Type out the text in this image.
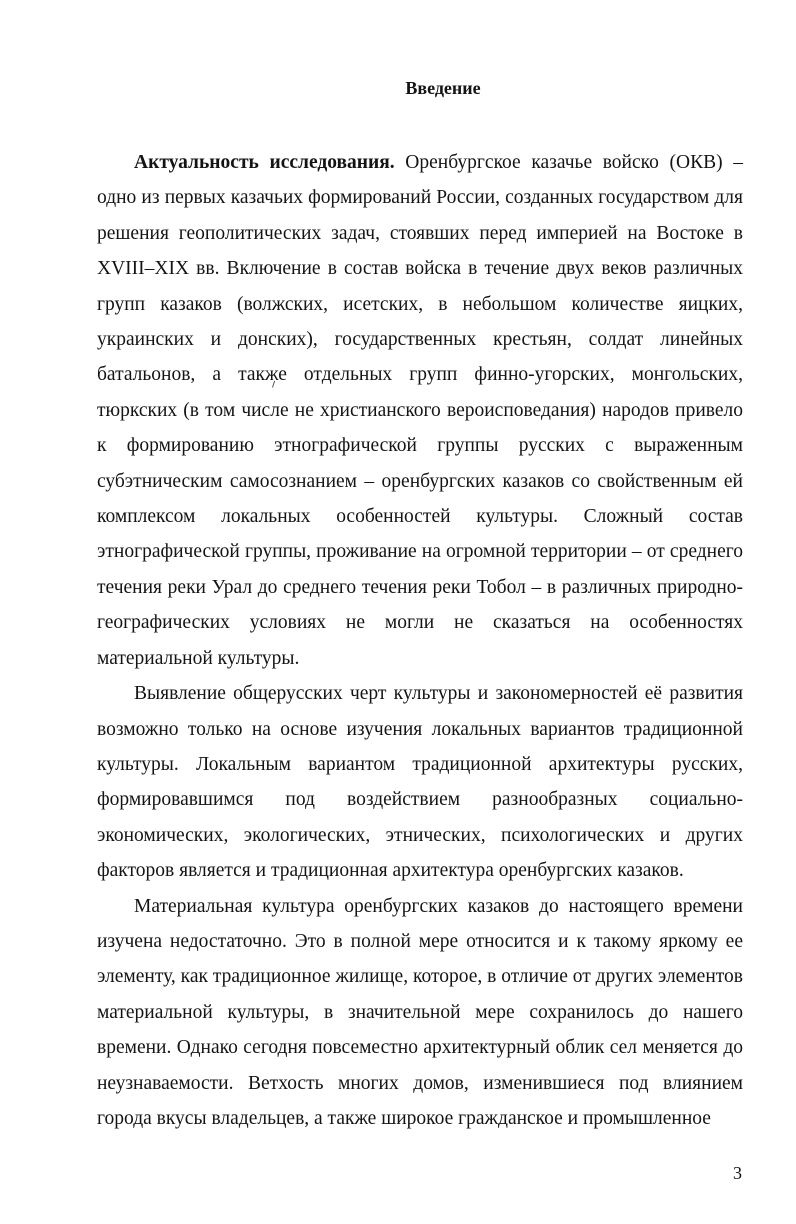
Введение

Актуальность исследования. Оренбургское казачье войско (ОКВ) – одно из первых казачьих формирований России, созданных государством для решения геополитических задач, стоявших перед империей на Востоке в XVIII–XIX вв. Включение в состав войска в течение двух веков различных групп казаков (волжских, исетских, в небольшом количестве яицких, украинских и донских), государственных крестьян, солдат линейных батальонов, а также отдельных групп финно-угорских, монгольских, тюркских (в том числе не христианского вероисповедания) народов привело к формированию этнографической группы русских с выраженным субэтническим самосознанием – оренбургских казаков со свойственным ей комплексом локальных особенностей культуры. Сложный состав этнографической группы, проживание на огромной территории – от среднего течения реки Урал до среднего течения реки Тобол – в различных природно-географических условиях не могли не сказаться на особенностях материальной культуры.

Выявление общерусских черт культуры и закономерностей её развития возможно только на основе изучения локальных вариантов традиционной культуры. Локальным вариантом традиционной архитектуры русских, формировавшимся под воздействием разнообразных социально-экономических, экологических, этнических, психологических и других факторов является и традиционная архитектура оренбургских казаков.

Материальная культура оренбургских казаков до настоящего времени изучена недостаточно. Это в полной мере относится и к такому яркому ее элементу, как традиционное жилище, которое, в отличие от других элементов материальной культуры, в значительной мере сохранилось до нашего времени. Однако сегодня повсеместно архитектурный облик сел меняется до неузнаваемости. Ветхость многих домов, изменившиеся под влиянием города вкусы владельцев, а также широкое гражданское и промышленное

3
